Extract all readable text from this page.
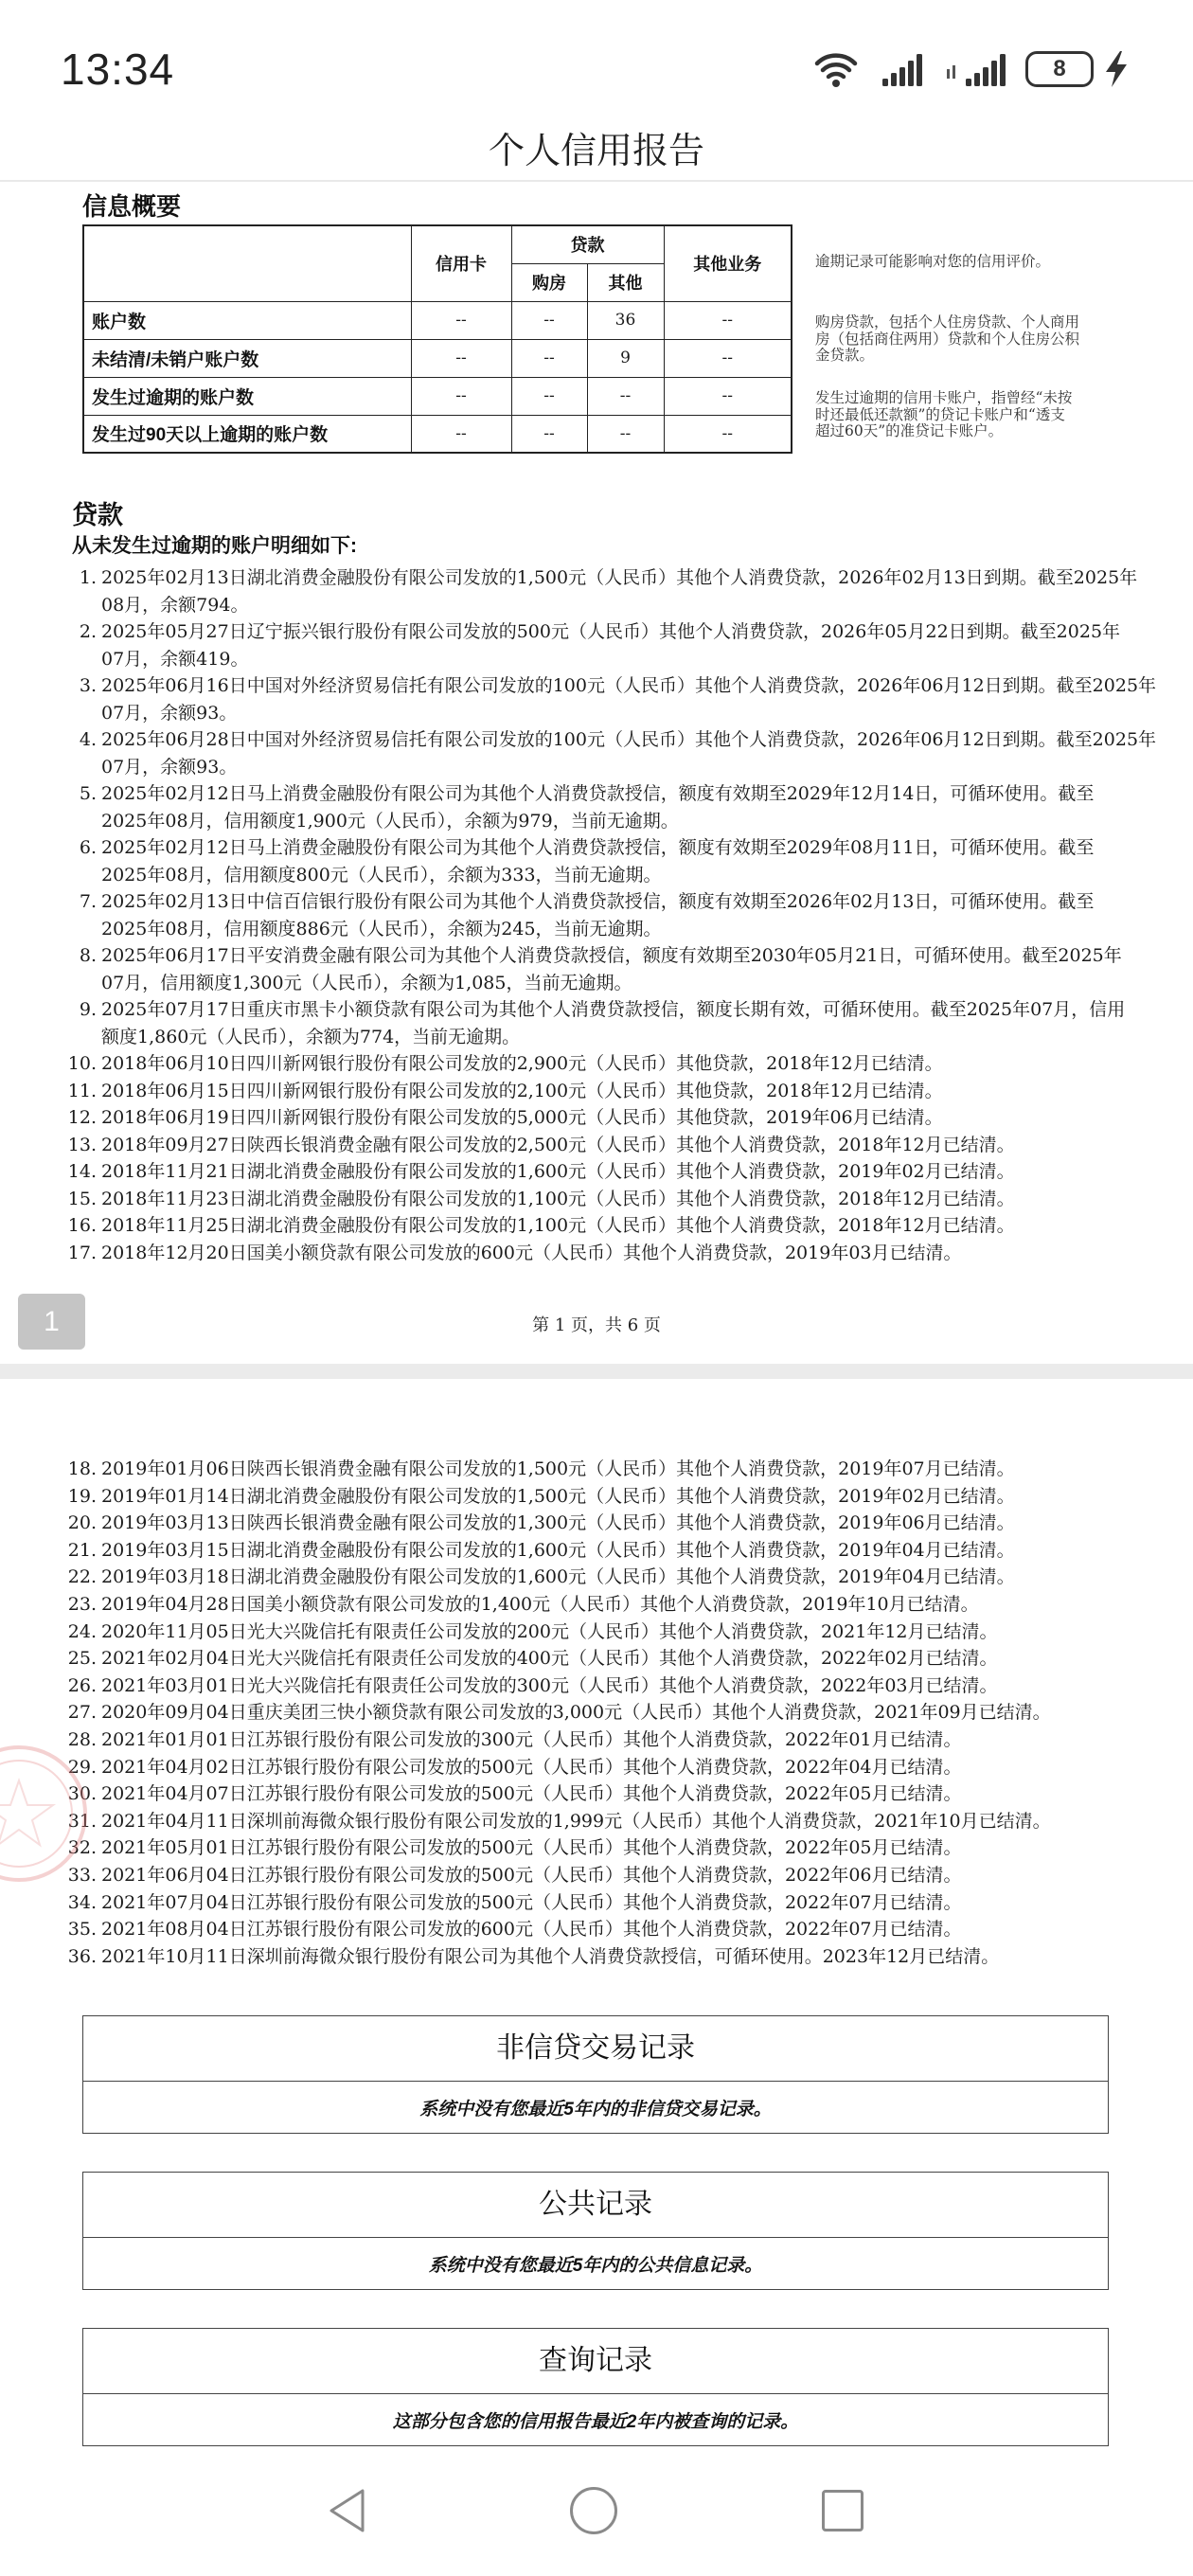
信息概要
	信用卡	贷款		其他业务
		购房	其他	
账户数	--	--	36	--
未结清/未销户账户数	--	--	9	--
发生过逾期的账户数	--	--	--	--
发生过90天以上逾期的账户数	--	--	--	--
逾期记录可能影响对您的信用评价。
购房贷款，包括个人住房贷款、个人商用
房（包括商住两用）贷款和个人住房公积
金贷款。
发生过逾期的信用卡账户，指曾经“未按
时还最低还款额”的贷记卡账户和“透支
超过60天”的准贷记卡账户。
贷款
从未发生过逾期的账户明细如下:
1. 2025年02月13日湖北消费金融股份有限公司发放的1,500元（人民币）其他个人消费贷款，2026年02月13日到期。截至2025年
08月，余额794。
2. 2025年05月27日辽宁振兴银行股份有限公司发放的500元（人民币）其他个人消费贷款，2026年05月22日到期。截至2025年
07月，余额419。
3. 2025年06月16日中国对外经济贸易信托有限公司发放的100元（人民币）其他个人消费贷款，2026年06月12日到期。截至2025年
07月，余额93。
4. 2025年06月28日中国对外经济贸易信托有限公司发放的100元（人民币）其他个人消费贷款，2026年06月12日到期。截至2025年
07月，余额93。
5. 2025年02月12日马上消费金融股份有限公司为其他个人消费贷款授信，额度有效期至2029年12月14日，可循环使用。截至
2025年08月，信用额度1,900元（人民币），余额为979，当前无逾期。
6. 2025年02月12日马上消费金融股份有限公司为其他个人消费贷款授信，额度有效期至2029年08月11日，可循环使用。截至
2025年08月，信用额度800元（人民币），余额为333，当前无逾期。
7. 2025年02月13日中信百信银行股份有限公司为其他个人消费贷款授信，额度有效期至2026年02月13日，可循环使用。截至
2025年08月，信用额度886元（人民币），余额为245，当前无逾期。
8. 2025年06月17日平安消费金融有限公司为其他个人消费贷款授信，额度有效期至2030年05月21日，可循环使用。截至2025年
07月，信用额度1,300元（人民币），余额为1,085，当前无逾期。
9. 2025年07月17日重庆市黑卡小额贷款有限公司为其他个人消费贷款授信，额度长期有效，可循环使用。截至2025年07月，信用
额度1,860元（人民币），余额为774，当前无逾期。
10. 2018年06月10日四川新网银行股份有限公司发放的2,900元（人民币）其他贷款，2018年12月已结清。
11. 2018年06月15日四川新网银行股份有限公司发放的2,100元（人民币）其他贷款，2018年12月已结清。
12. 2018年06月19日四川新网银行股份有限公司发放的5,000元（人民币）其他贷款，2019年06月已结清。
13. 2018年09月27日陕西长银消费金融有限公司发放的2,500元（人民币）其他个人消费贷款，2018年12月已结清。
14. 2018年11月21日湖北消费金融股份有限公司发放的1,600元（人民币）其他个人消费贷款，2019年02月已结清。
15. 2018年11月23日湖北消费金融股份有限公司发放的1,100元（人民币）其他个人消费贷款，2018年12月已结清。
16. 2018年11月25日湖北消费金融股份有限公司发放的1,100元（人民币）其他个人消费贷款，2018年12月已结清。
17. 2018年12月20日国美小额贷款有限公司发放的600元（人民币）其他个人消费贷款，2019年03月已结清。
第 1 页，共 6 页
18. 2019年01月06日陕西长银消费金融有限公司发放的1,500元（人民币）其他个人消费贷款，2019年07月已结清。
19. 2019年01月14日湖北消费金融股份有限公司发放的1,500元（人民币）其他个人消费贷款，2019年02月已结清。
20. 2019年03月13日陕西长银消费金融有限公司发放的1,300元（人民币）其他个人消费贷款，2019年06月已结清。
21. 2019年03月15日湖北消费金融股份有限公司发放的1,600元（人民币）其他个人消费贷款，2019年04月已结清。
22. 2019年03月18日湖北消费金融股份有限公司发放的1,600元（人民币）其他个人消费贷款，2019年04月已结清。
23. 2019年04月28日国美小额贷款有限公司发放的1,400元（人民币）其他个人消费贷款，2019年10月已结清。
24. 2020年11月05日光大兴陇信托有限责任公司发放的200元（人民币）其他个人消费贷款，2021年12月已结清。
25. 2021年02月04日光大兴陇信托有限责任公司发放的400元（人民币）其他个人消费贷款，2022年02月已结清。
26. 2021年03月01日光大兴陇信托有限责任公司发放的300元（人民币）其他个人消费贷款，2022年03月已结清。
27. 2020年09月04日重庆美团三快小额贷款有限公司发放的3,000元（人民币）其他个人消费贷款，2021年09月已结清。
28. 2021年01月01日江苏银行股份有限公司发放的300元（人民币）其他个人消费贷款，2022年01月已结清。
29. 2021年04月02日江苏银行股份有限公司发放的500元（人民币）其他个人消费贷款，2022年04月已结清。
30. 2021年04月07日江苏银行股份有限公司发放的500元（人民币）其他个人消费贷款，2022年05月已结清。
31. 2021年04月11日深圳前海微众银行股份有限公司发放的1,999元（人民币）其他个人消费贷款，2021年10月已结清。
32. 2021年05月01日江苏银行股份有限公司发放的500元（人民币）其他个人消费贷款，2022年05月已结清。
33. 2021年06月04日江苏银行股份有限公司发放的500元（人民币）其他个人消费贷款，2022年06月已结清。
34. 2021年07月04日江苏银行股份有限公司发放的500元（人民币）其他个人消费贷款，2022年07月已结清。
35. 2021年08月04日江苏银行股份有限公司发放的600元（人民币）其他个人消费贷款，2022年07月已结清。
36. 2021年10月11日深圳前海微众银行股份有限公司为其他个人消费贷款授信，可循环使用。2023年12月已结清。
非信贷交易记录
系统中没有您最近5年内的非信贷交易记录。
公共记录
系统中没有您最近5年内的公共信息记录。
查询记录
这部分包含您的信用报告最近2年内被查询的记录。
1
13:34	8
个人信用报告
